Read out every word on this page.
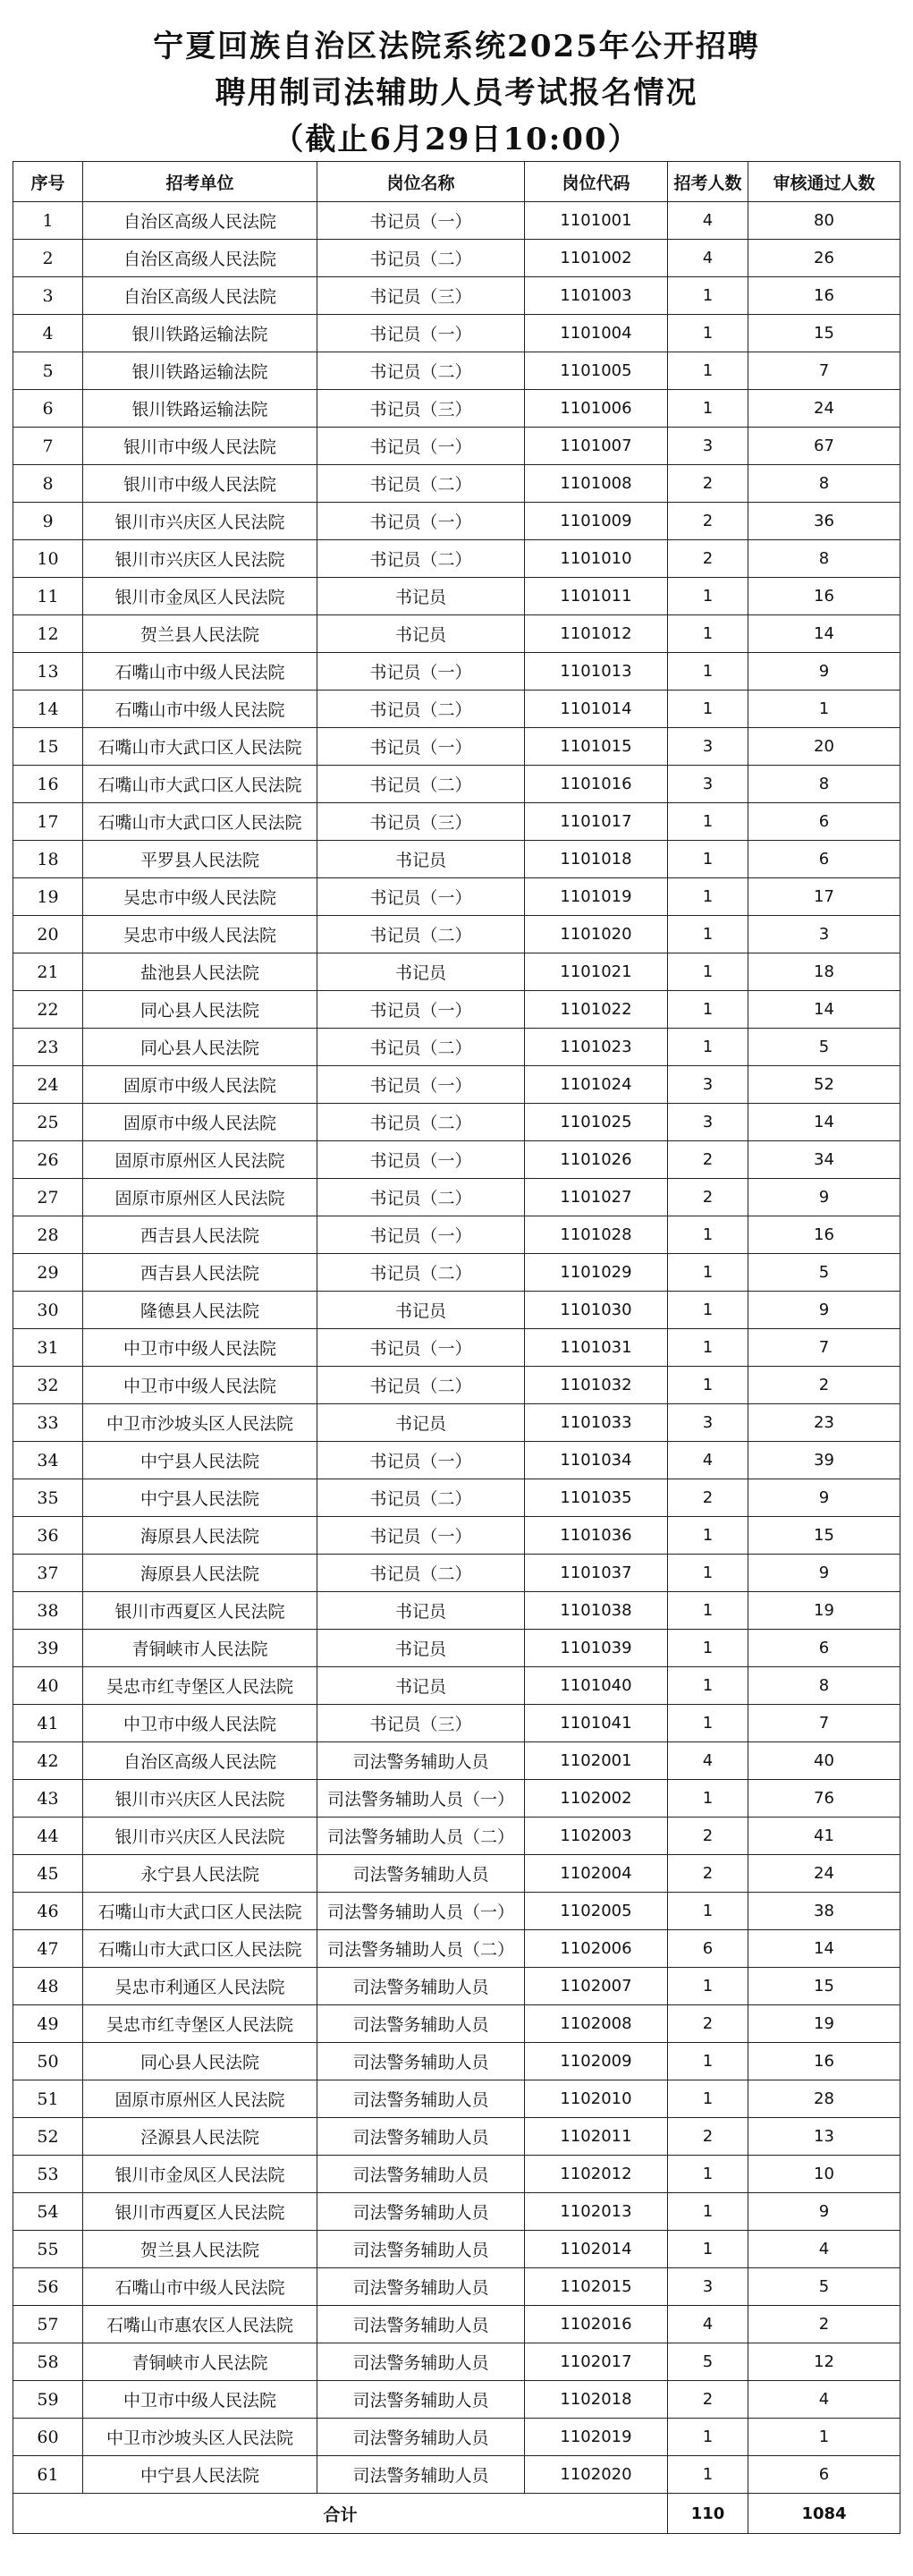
宁夏回族自治区法院系统2025年公开招聘
聘用制司法辅助人员考试报名情况
（截止6月29日10:00）
序号	招考单位	岗位名称	岗位代码	招考人数	审核通过人数
1	自治区高级人民法院	书记员（一）	1101001	4	80
2	自治区高级人民法院	书记员（二）	1101002	4	26
3	自治区高级人民法院	书记员（三）	1101003	1	16
4	银川铁路运输法院	书记员（一）	1101004	1	15
5	银川铁路运输法院	书记员（二）	1101005	1	7
6	银川铁路运输法院	书记员（三）	1101006	1	24
7	银川市中级人民法院	书记员（一）	1101007	3	67
8	银川市中级人民法院	书记员（二）	1101008	2	8
9	银川市兴庆区人民法院	书记员（一）	1101009	2	36
10	银川市兴庆区人民法院	书记员（二）	1101010	2	8
11	银川市金凤区人民法院	书记员	1101011	1	16
12	贺兰县人民法院	书记员	1101012	1	14
13	石嘴山市中级人民法院	书记员（一）	1101013	1	9
14	石嘴山市中级人民法院	书记员（二）	1101014	1	1
15	石嘴山市大武口区人民法院	书记员（一）	1101015	3	20
16	石嘴山市大武口区人民法院	书记员（二）	1101016	3	8
17	石嘴山市大武口区人民法院	书记员（三）	1101017	1	6
18	平罗县人民法院	书记员	1101018	1	6
19	吴忠市中级人民法院	书记员（一）	1101019	1	17
20	吴忠市中级人民法院	书记员（二）	1101020	1	3
21	盐池县人民法院	书记员	1101021	1	18
22	同心县人民法院	书记员（一）	1101022	1	14
23	同心县人民法院	书记员（二）	1101023	1	5
24	固原市中级人民法院	书记员（一）	1101024	3	52
25	固原市中级人民法院	书记员（二）	1101025	3	14
26	固原市原州区人民法院	书记员（一）	1101026	2	34
27	固原市原州区人民法院	书记员（二）	1101027	2	9
28	西吉县人民法院	书记员（一）	1101028	1	16
29	西吉县人民法院	书记员（二）	1101029	1	5
30	隆德县人民法院	书记员	1101030	1	9
31	中卫市中级人民法院	书记员（一）	1101031	1	7
32	中卫市中级人民法院	书记员（二）	1101032	1	2
33	中卫市沙坡头区人民法院	书记员	1101033	3	23
34	中宁县人民法院	书记员（一）	1101034	4	39
35	中宁县人民法院	书记员（二）	1101035	2	9
36	海原县人民法院	书记员（一）	1101036	1	15
37	海原县人民法院	书记员（二）	1101037	1	9
38	银川市西夏区人民法院	书记员	1101038	1	19
39	青铜峡市人民法院	书记员	1101039	1	6
40	吴忠市红寺堡区人民法院	书记员	1101040	1	8
41	中卫市中级人民法院	书记员（三）	1101041	1	7
42	自治区高级人民法院	司法警务辅助人员	1102001	4	40
43	银川市兴庆区人民法院	司法警务辅助人员（一）	1102002	1	76
44	银川市兴庆区人民法院	司法警务辅助人员（二）	1102003	2	41
45	永宁县人民法院	司法警务辅助人员	1102004	2	24
46	石嘴山市大武口区人民法院	司法警务辅助人员（一）	1102005	1	38
47	石嘴山市大武口区人民法院	司法警务辅助人员（二）	1102006	6	14
48	吴忠市利通区人民法院	司法警务辅助人员	1102007	1	15
49	吴忠市红寺堡区人民法院	司法警务辅助人员	1102008	2	19
50	同心县人民法院	司法警务辅助人员	1102009	1	16
51	固原市原州区人民法院	司法警务辅助人员	1102010	1	28
52	泾源县人民法院	司法警务辅助人员	1102011	2	13
53	银川市金凤区人民法院	司法警务辅助人员	1102012	1	10
54	银川市西夏区人民法院	司法警务辅助人员	1102013	1	9
55	贺兰县人民法院	司法警务辅助人员	1102014	1	4
56	石嘴山市中级人民法院	司法警务辅助人员	1102015	3	5
57	石嘴山市惠农区人民法院	司法警务辅助人员	1102016	4	2
58	青铜峡市人民法院	司法警务辅助人员	1102017	5	12
59	中卫市中级人民法院	司法警务辅助人员	1102018	2	4
60	中卫市沙坡头区人民法院	司法警务辅助人员	1102019	1	1
61	中宁县人民法院	司法警务辅助人员	1102020	1	6
合计				110	1084
